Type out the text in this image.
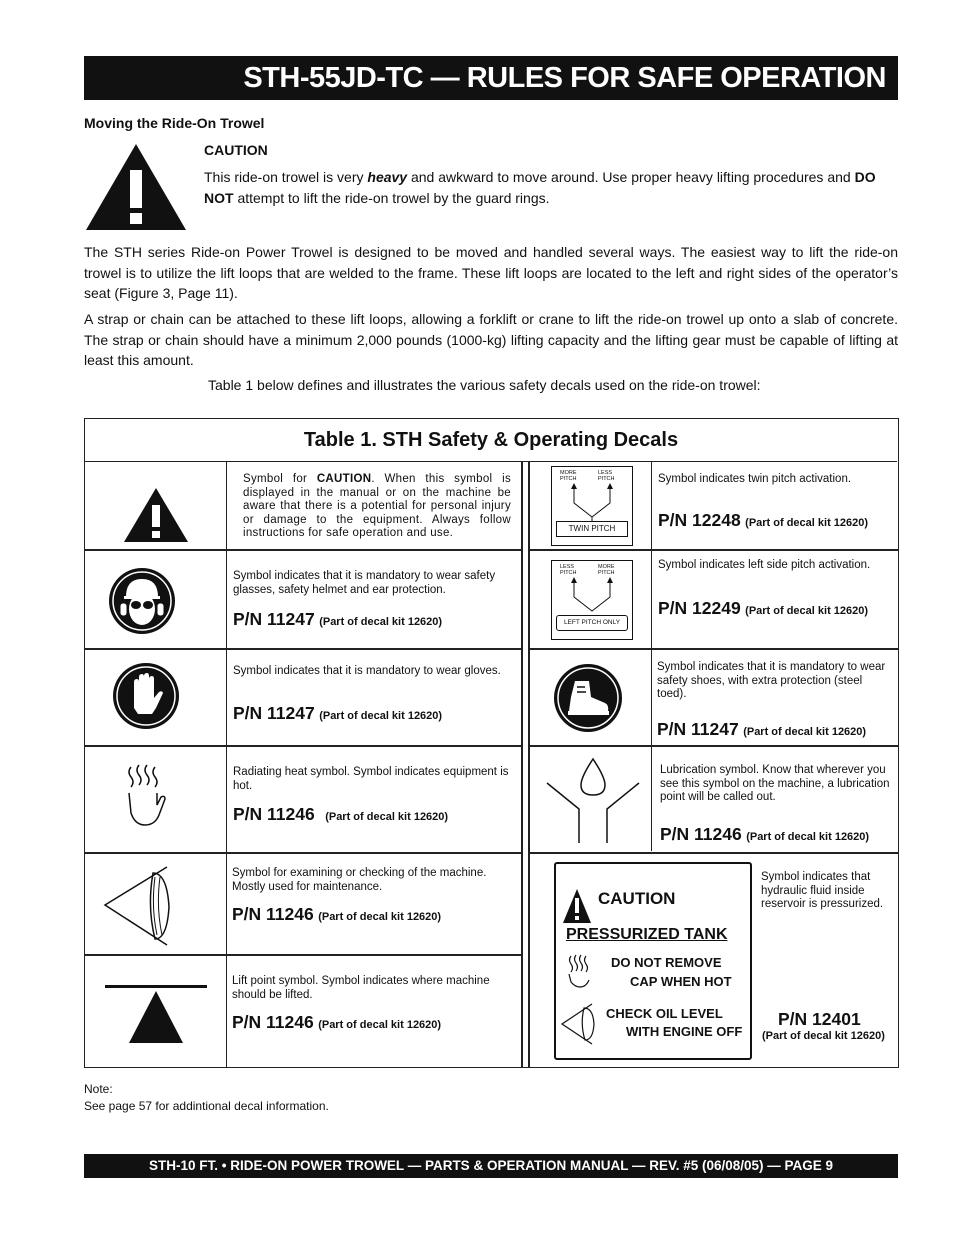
STH-55JD-TC — RULES FOR SAFE OPERATION
Moving the Ride-On Trowel
CAUTION
This ride-on trowel is very heavy and awkward to move around. Use proper heavy lifting procedures and DO NOT attempt to lift the ride-on trowel by the guard rings.
The STH series Ride-on Power Trowel is designed to be moved and handled several ways. The easiest way to lift the ride-on trowel is to utilize the lift loops that are welded to the frame. These lift loops are located to the left and right sides of the operator’s seat (Figure 3, Page 11).
A strap or chain can be attached to these lift loops, allowing a forklift or crane to lift the ride-on trowel up onto a slab of concrete. The strap or chain should have a minimum 2,000 pounds (1000-kg) lifting capacity and the lifting gear must be capable of lifting at least this amount.
Table 1 below defines and illustrates the various safety decals used on the ride-on trowel:
Table 1. STH Safety & Operating Decals
Symbol for CAUTION. When this symbol is displayed in the manual or on the machine be aware that there is a potential for personal injury or damage to the equipment. Always follow instructions for safe operation and use.
Symbol indicates that it is mandatory to wear safety glasses, safety helmet and ear protection.
P/N 11247 (Part of decal kit 12620)
Symbol indicates that it is mandatory to wear gloves.
P/N 11247 (Part of decal kit 12620)
Radiating heat symbol. Symbol indicates equipment is hot.
P/N 11246 (Part of decal kit 12620)
Symbol for examining or checking of the machine. Mostly used for maintenance.
P/N 11246 (Part of decal kit 12620)
Lift point symbol. Symbol indicates where machine should be lifted.
P/N 11246 (Part of decal kit 12620)
MORE PITCH
LESS PITCH
TWIN PITCH
Symbol indicates twin pitch activation.
P/N 12248 (Part of decal kit 12620)
LESS PITCH
MORE PITCH
LEFT PITCH ONLY
Symbol indicates left side pitch activation.
P/N 12249 (Part of decal kit 12620)
Symbol indicates that it is mandatory to wear safety shoes, with extra protection (steel toed).
P/N 11247 (Part of decal kit 12620)
Lubrication symbol. Know that wherever you see this symbol on the machine, a lubrication point will be called out.
P/N 11246 (Part of decal kit 12620)
CAUTION
PRESSURIZED TANK
DO NOT REMOVE
CAP WHEN HOT
CHECK OIL LEVEL
WITH ENGINE OFF
Symbol indicates that hydraulic fluid inside reservoir is pressurized.
P/N 12401
(Part of decal kit 12620)
Note:
See page 57 for addintional decal information.
STH-10 FT. • RIDE-ON POWER TROWEL — PARTS & OPERATION MANUAL — REV. #5 (06/08/05) — PAGE 9
